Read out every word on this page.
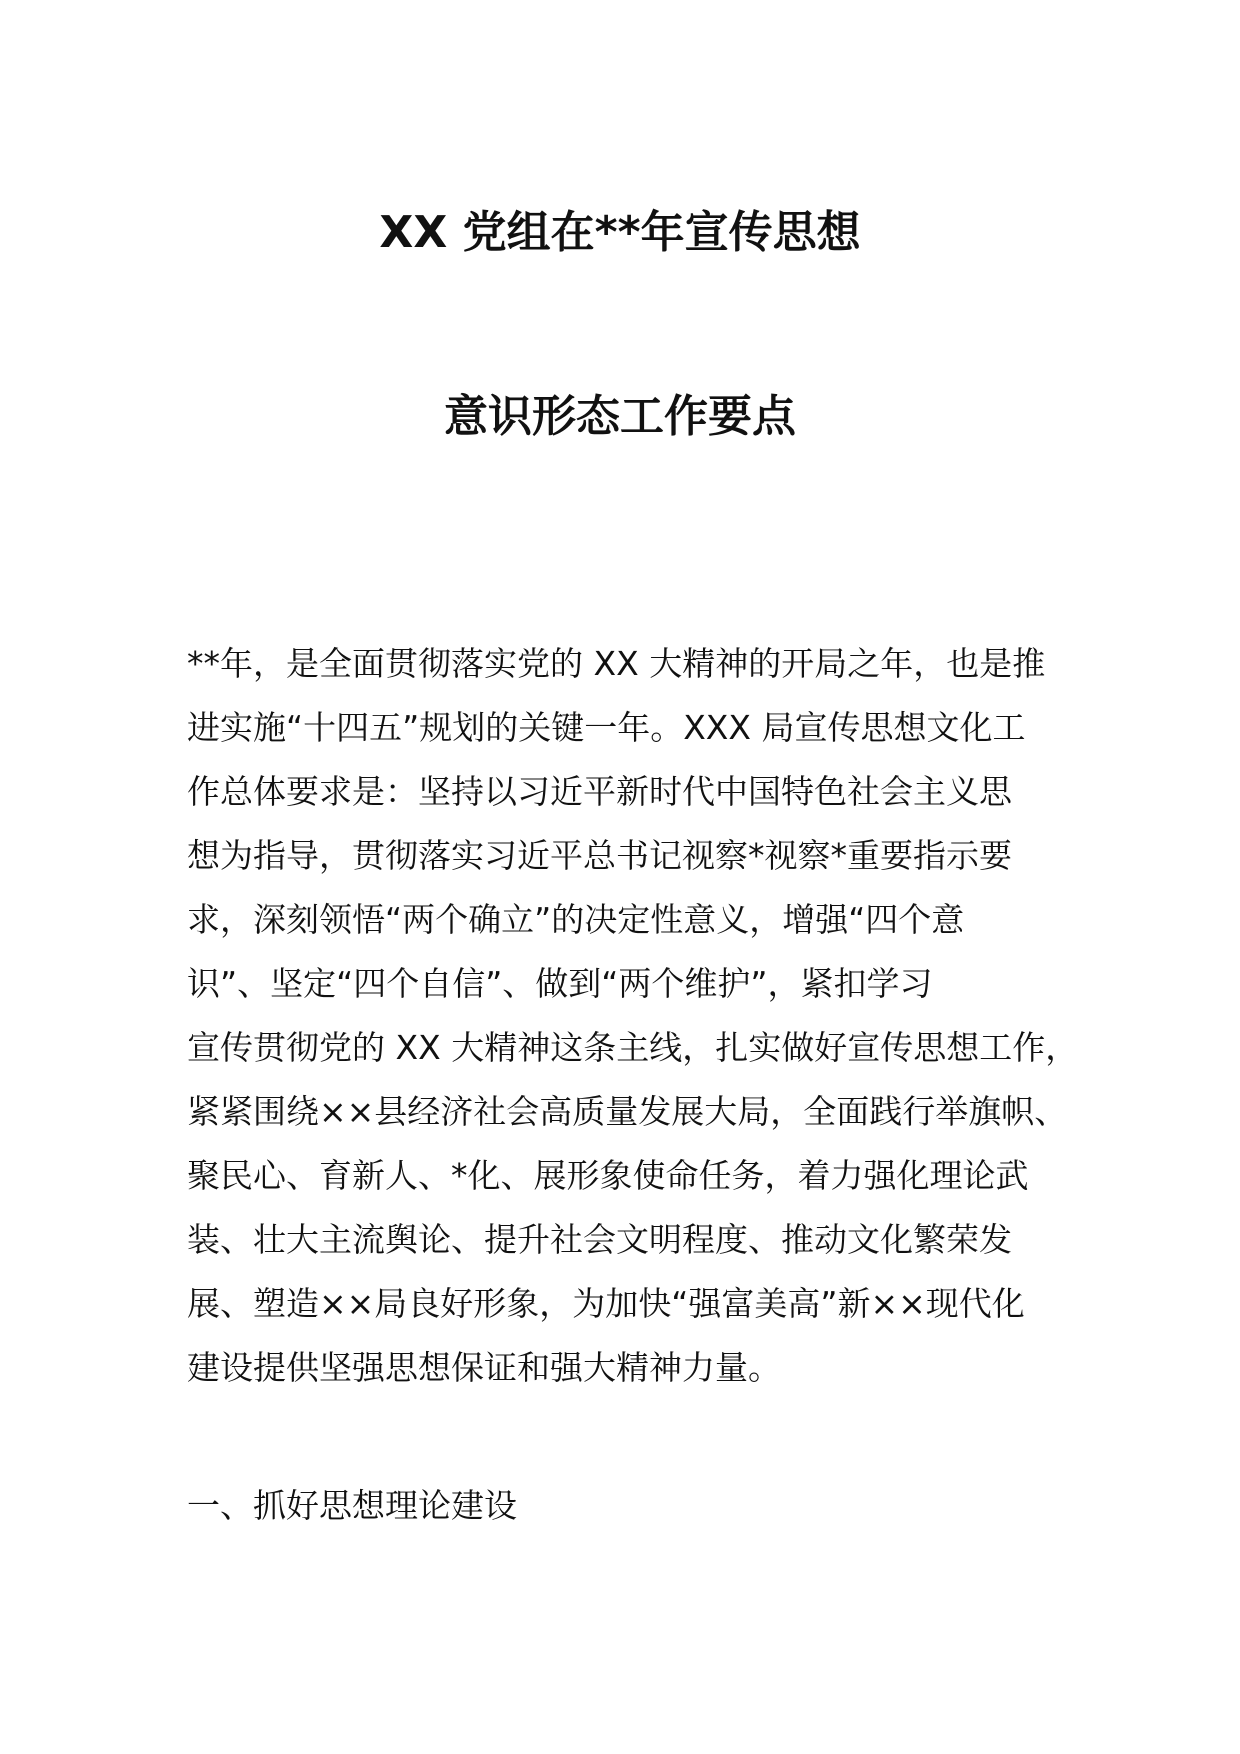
XX 党组在**年宣传思想
意识形态工作要点
**年，是全面贯彻落实党的 XX 大精神的开局之年，也是推
进实施“十四五”规划的关键一年。XXX 局宣传思想文化工
作总体要求是：坚持以习近平新时代中国特色社会主义思
想为指导，贯彻落实习近平总书记视察*视察*重要指示要
求，深刻领悟“两个确立”的决定性意义，增强“四个意
识”、坚定“四个自信”、做到“两个维护”，紧扣学习
宣传贯彻党的 XX 大精神这条主线，扎实做好宣传思想工作，
紧紧围绕××县经济社会高质量发展大局，全面践行举旗帜、
聚民心、育新人、*化、展形象使命任务，着力强化理论武
装、壮大主流舆论、提升社会文明程度、推动文化繁荣发
展、塑造××局良好形象，为加快“强富美高”新××现代化
建设提供坚强思想保证和强大精神力量。
一、抓好思想理论建设
